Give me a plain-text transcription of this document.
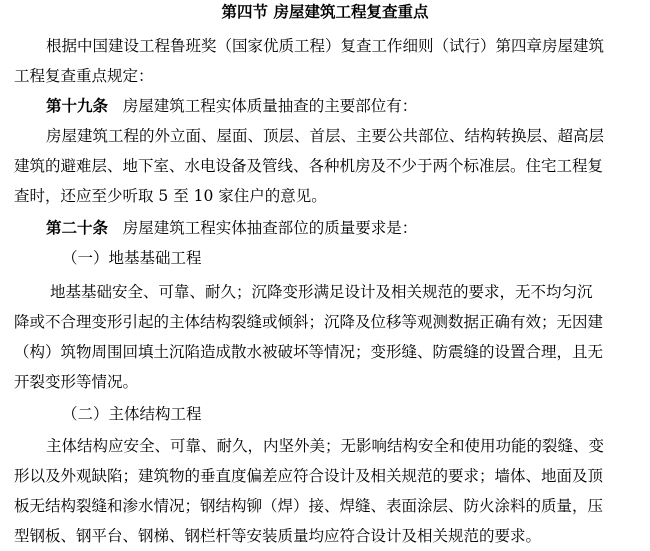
第四节 房屋建筑工程复查重点
根据中国建设工程鲁班奖（国家优质工程）复查工作细则（试行）第四章房屋建筑
工程复查重点规定：
第十九条 房屋建筑工程实体质量抽查的主要部位有：
房屋建筑工程的外立面、屋面、顶层、首层、主要公共部位、结构转换层、超高层
建筑的避难层、地下室、水电设备及管线、各种机房及不少于两个标准层。住宅工程复
查时，还应至少听取 5 至 10 家住户的意见。
第二十条 房屋建筑工程实体抽查部位的质量要求是：
（一）地基基础工程
地基基础安全、可靠、耐久；沉降变形满足设计及相关规范的要求，无不均匀沉
降或不合理变形引起的主体结构裂缝或倾斜；沉降及位移等观测数据正确有效；无因建
（构）筑物周围回填土沉陷造成散水被破坏等情况；变形缝、防震缝的设置合理，且无
开裂变形等情况。
（二）主体结构工程
主体结构应安全、可靠、耐久，内坚外美；无影响结构安全和使用功能的裂缝、变
形以及外观缺陷；建筑物的垂直度偏差应符合设计及相关规范的要求；墙体、地面及顶
板无结构裂缝和渗水情况；钢结构铆（焊）接、焊缝、表面涂层、防火涂料的质量，压
型钢板、钢平台、钢梯、钢栏杆等安装质量均应符合设计及相关规范的要求。
